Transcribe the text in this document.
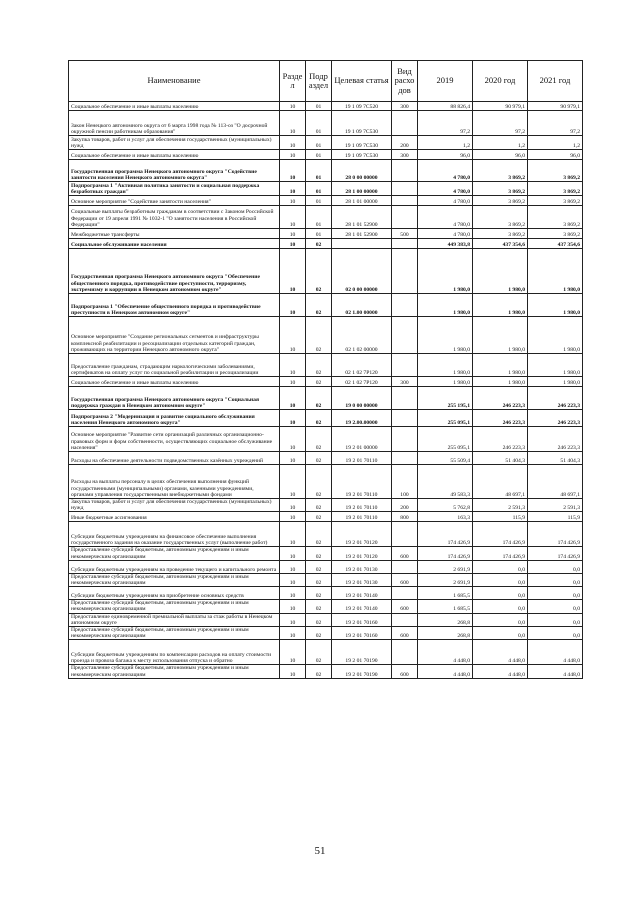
Наименование	Разде л	Подр аздел	Целевая статья	Вид расхо дов	2019	2020 год	2021 год
Социальное обеспечение и иные выплаты населению	10	01	19 1 09 7С520	300	88 826,4	90 979,1	90 979,1
Закон Ненецкого автономного округа от 6 марта 1998 года № 113-оз "О досрочной окружной пенсии работникам образования"	10	01	19 1 09 7С530		97,2	97,2	97,2
Закупка товаров, работ и услуг для обеспечения государственных (муниципальных) нужд	10	01	19 1 09 7С530	200	1,2	1,2	1,2
Социальное обеспечение и иные выплаты населению	10	01	19 1 09 7С530	300	96,0	96,0	96,0
Государственная программа Ненецкого автономного округа "Содействие занятости населения Ненецкого автономного округа"	10	01	28 0 00 00000		4 780,0	3 869,2	3 869,2
Подпрограмма 1 "Активная политика занятости и социальная поддержка безработных граждан"	10	01	28 1 00 00000		4 780,0	3 869,2	3 869,2
Основное мероприятие "Содействие занятости населения"	10	01	28 1 01 00000		4 780,0	3 869,2	3 869,2
Социальные выплаты безработным гражданам в соответствии с Законом Российской Федерации от 19 апреля 1991 № 1032-1 "О занятости населения в Российской Федерации"	10	01	28 1 01 52900		4 780,0	3 869,2	3 869,2
Межбюджетные трансферты	10	01	28 1 01 52900	500	4 780,0	3 869,2	3 869,2
Социальное обслуживание населения	10	02			449 383,8	437 354,6	437 354,6
Государственная программа Ненецкого автономного округа "Обеспечение общественного порядка, противодействие преступности, терроризму, экстремизму и коррупции в Ненецком автономном округе"	10	02	02 0 00 00000		1 980,0	1 980,0	1 980,0
Подпрограмма 1 "Обеспечение общественного порядка и противодействие преступности в Ненецком автономном округе"	10	02	02 1.00 00000		1 980,0	1 980,0	1 980,0
Основное мероприятие "Создание региональных сегментов и инфраструктуры комплексной реабилитации и ресоциализации отдельных категорий граждан, проживающих на территории Ненецкого автономного округа"	10	02	02 1 02 00000		1 980,0	1 980,0	1 980,0
Предоставление гражданам, страдающим наркологическими заболеваниями, сертификатов на оплату услуг по социальной реабилитации и ресоциализации	10	02	02 1 02 7Р120		1 980,0	1 980,0	1 980,0
Социальное обеспечение и иные выплаты населению	10	02	02 1 02 7Р120	300	1 980,0	1 980,0	1 980,0
Государственная программа Ненецкого автономного округа "Социальная поддержка граждан в Ненецком автономном округе"	10	02	19 0 00 00000		255 195,1	246 223,3	246 223,3
Подпрограмма 2 "Модернизация и развитие социального обслуживания населения Ненецкого автономного округа"	10	02	19 2.00.00000		255 095,1	246 223,3	246 223,3
Основное мероприятие "Развитие сети организаций различных организационно-правовых форм и форм собственности, осуществляющих социальное обслуживание населения"	10	02	19 2 01 00000		255 095,1	246 223,3	246 223,3
Расходы на обеспечение деятельности подведомственных казённых учреждений	10	02	19 2 01 70110		55 509,4	51 404,3	51 404,3
Расходы на выплаты персоналу в целях обеспечения выполнения функций государственными (муниципальными) органами, казенными учреждениями, органами управления государственными внебюджетными фондами	10	02	19 2 01 70110	100	49 583,3	48 697,1	48 697,1
Закупка товаров, работ и услуг для обеспечения государственных (муниципальных) нужд	10	02	19 2 01 70110	200	5 762,8	2 591,3	2 591,3
Иные бюджетные ассигнования	10	02	19 2 01 70110	800	163,3	115,9	115,9
Субсидии бюджетным учреждениям на финансовое обеспечение выполнения государственного задания на оказание государственных услуг (выполнение работ)	10	02	19 2 01 70120		174 426,9	174 426,9	174 426,9
Предоставление субсидий бюджетным, автономным учреждениям и иным некоммерческим организациям	10	02	19 2 01 70120	600	174 426,9	174 426,9	174 426,9
Субсидии бюджетным учреждениям на проведение текущего и капитального ремонта	10	02	19 2 01 70130		2 691,9	0,0	0,0
Предоставление субсидий бюджетным, автономным учреждениям и иным некоммерческим организациям	10	02	19 2 01 70130	600	2 691,9	0,0	0,0
Субсидии бюджетным учреждениям на приобретение основных средств	10	02	19 2 01 70140		1 685,5	0,0	0,0
Предоставление субсидий бюджетным, автономным учреждениям и иным некоммерческим организациям	10	02	19 2 01 70140	600	1 685,5	0,0	0,0
Предоставление единовременной премиальной выплаты за стаж работы в Ненецком автономном округе	10	02	19 2 01 70160		268,8	0,0	0,0
Предоставление субсидий бюджетным, автономным учреждениям и иным некоммерческим организациям	10	02	19 2 01 70160	600	268,8	0,0	0,0
Субсидии бюджетным учреждениям по компенсации расходов на оплату стоимости проезда и провоза багажа к месту использования отпуска и обратно	10	02	19 2 01 70190		4 448,0	4 448,0	4 448,0
Предоставление субсидий бюджетным, автономным учреждениям и иным некоммерческим организациям	10	02	19 2 01 70190	600	4 448,0	4 448,0	4 448,0
51
